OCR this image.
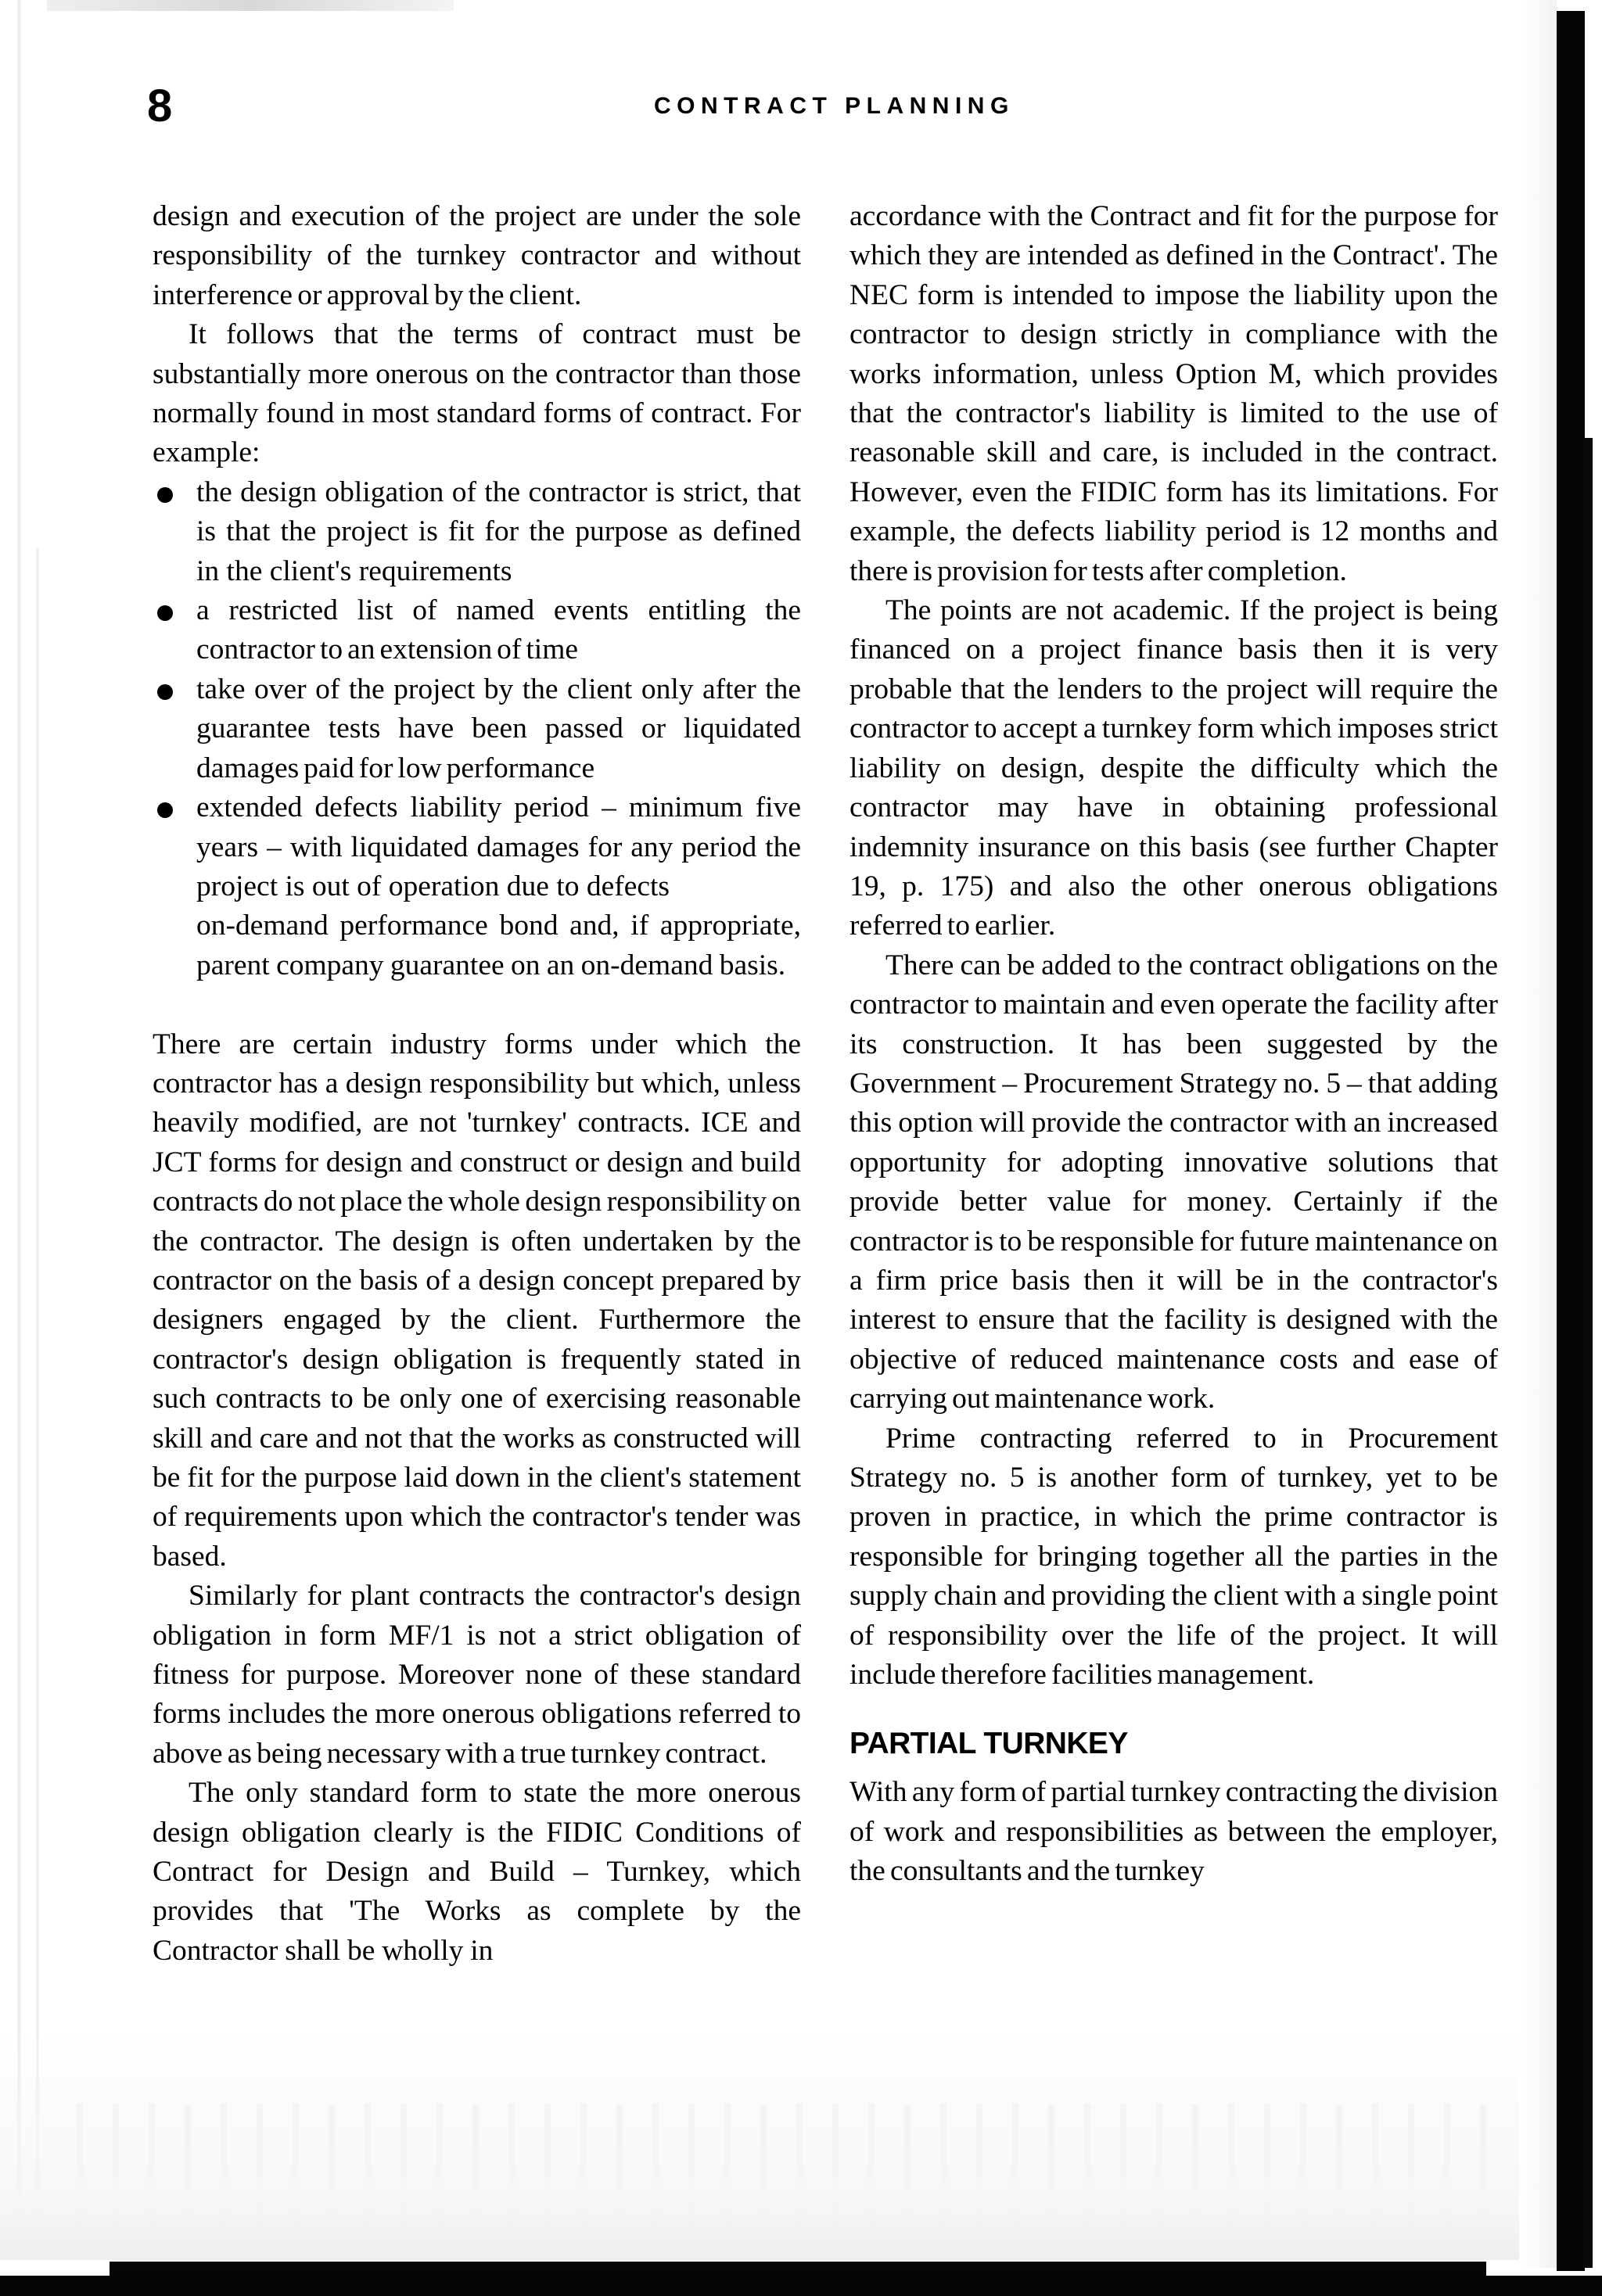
8	CONTRACT PLANNING

design and execution of the project are under the sole responsibility of the turnkey contractor and without interference or approval by the client.

It follows that the terms of contract must be substantially more onerous on the contractor than those normally found in most standard forms of contract. For example:

the design obligation of the contractor is strict, that is that the project is fit for the purpose as defined in the client's requirements
a restricted list of named events entitling the contractor to an extension of time
take over of the project by the client only after the guarantee tests have been passed or liquidated damages paid for low performance
extended defects liability period – minimum five years – with liquidated damages for any period the project is out of operation due to defects
on-demand performance bond and, if appropriate, parent company guarantee on an on-demand basis.

There are certain industry forms under which the contractor has a design responsibility but which, unless heavily modified, are not 'turnkey' contracts. ICE and JCT forms for design and construct or design and build contracts do not place the whole design responsibility on the contractor. The design is often undertaken by the contractor on the basis of a design concept prepared by designers engaged by the client. Furthermore the contractor's design obligation is frequently stated in such contracts to be only one of exercising reasonable skill and care and not that the works as constructed will be fit for the purpose laid down in the client's statement of requirements upon which the contractor's tender was based.

Similarly for plant contracts the contractor's design obligation in form MF/1 is not a strict obligation of fitness for purpose. Moreover none of these standard forms includes the more onerous obligations referred to above as being necessary with a true turnkey contract.

The only standard form to state the more onerous design obligation clearly is the FIDIC Conditions of Contract for Design and Build – Turnkey, which provides that 'The Works as complete by the Contractor shall be wholly in

accordance with the Contract and fit for the purpose for which they are intended as defined in the Contract'. The NEC form is intended to impose the liability upon the contractor to design strictly in compliance with the works information, unless Option M, which provides that the contractor's liability is limited to the use of reasonable skill and care, is included in the contract. However, even the FIDIC form has its limitations. For example, the defects liability period is 12 months and there is provision for tests after completion.

The points are not academic. If the project is being financed on a project finance basis then it is very probable that the lenders to the project will require the contractor to accept a turnkey form which imposes strict liability on design, despite the difficulty which the contractor may have in obtaining professional indemnity insurance on this basis (see further Chapter 19, p. 175) and also the other onerous obligations referred to earlier.

There can be added to the contract obligations on the contractor to maintain and even operate the facility after its construction. It has been suggested by the Government – Procurement Strategy no. 5 – that adding this option will provide the contractor with an increased opportunity for adopting innovative solutions that provide better value for money. Certainly if the contractor is to be responsible for future maintenance on a firm price basis then it will be in the contractor's interest to ensure that the facility is designed with the objective of reduced maintenance costs and ease of carrying out maintenance work.

Prime contracting referred to in Procurement Strategy no. 5 is another form of turnkey, yet to be proven in practice, in which the prime contractor is responsible for bringing together all the parties in the supply chain and providing the client with a single point of responsibility over the life of the project. It will include therefore facilities management.

PARTIAL TURNKEY

With any form of partial turnkey contracting the division of work and responsibilities as between the employer, the consultants and the turnkey
